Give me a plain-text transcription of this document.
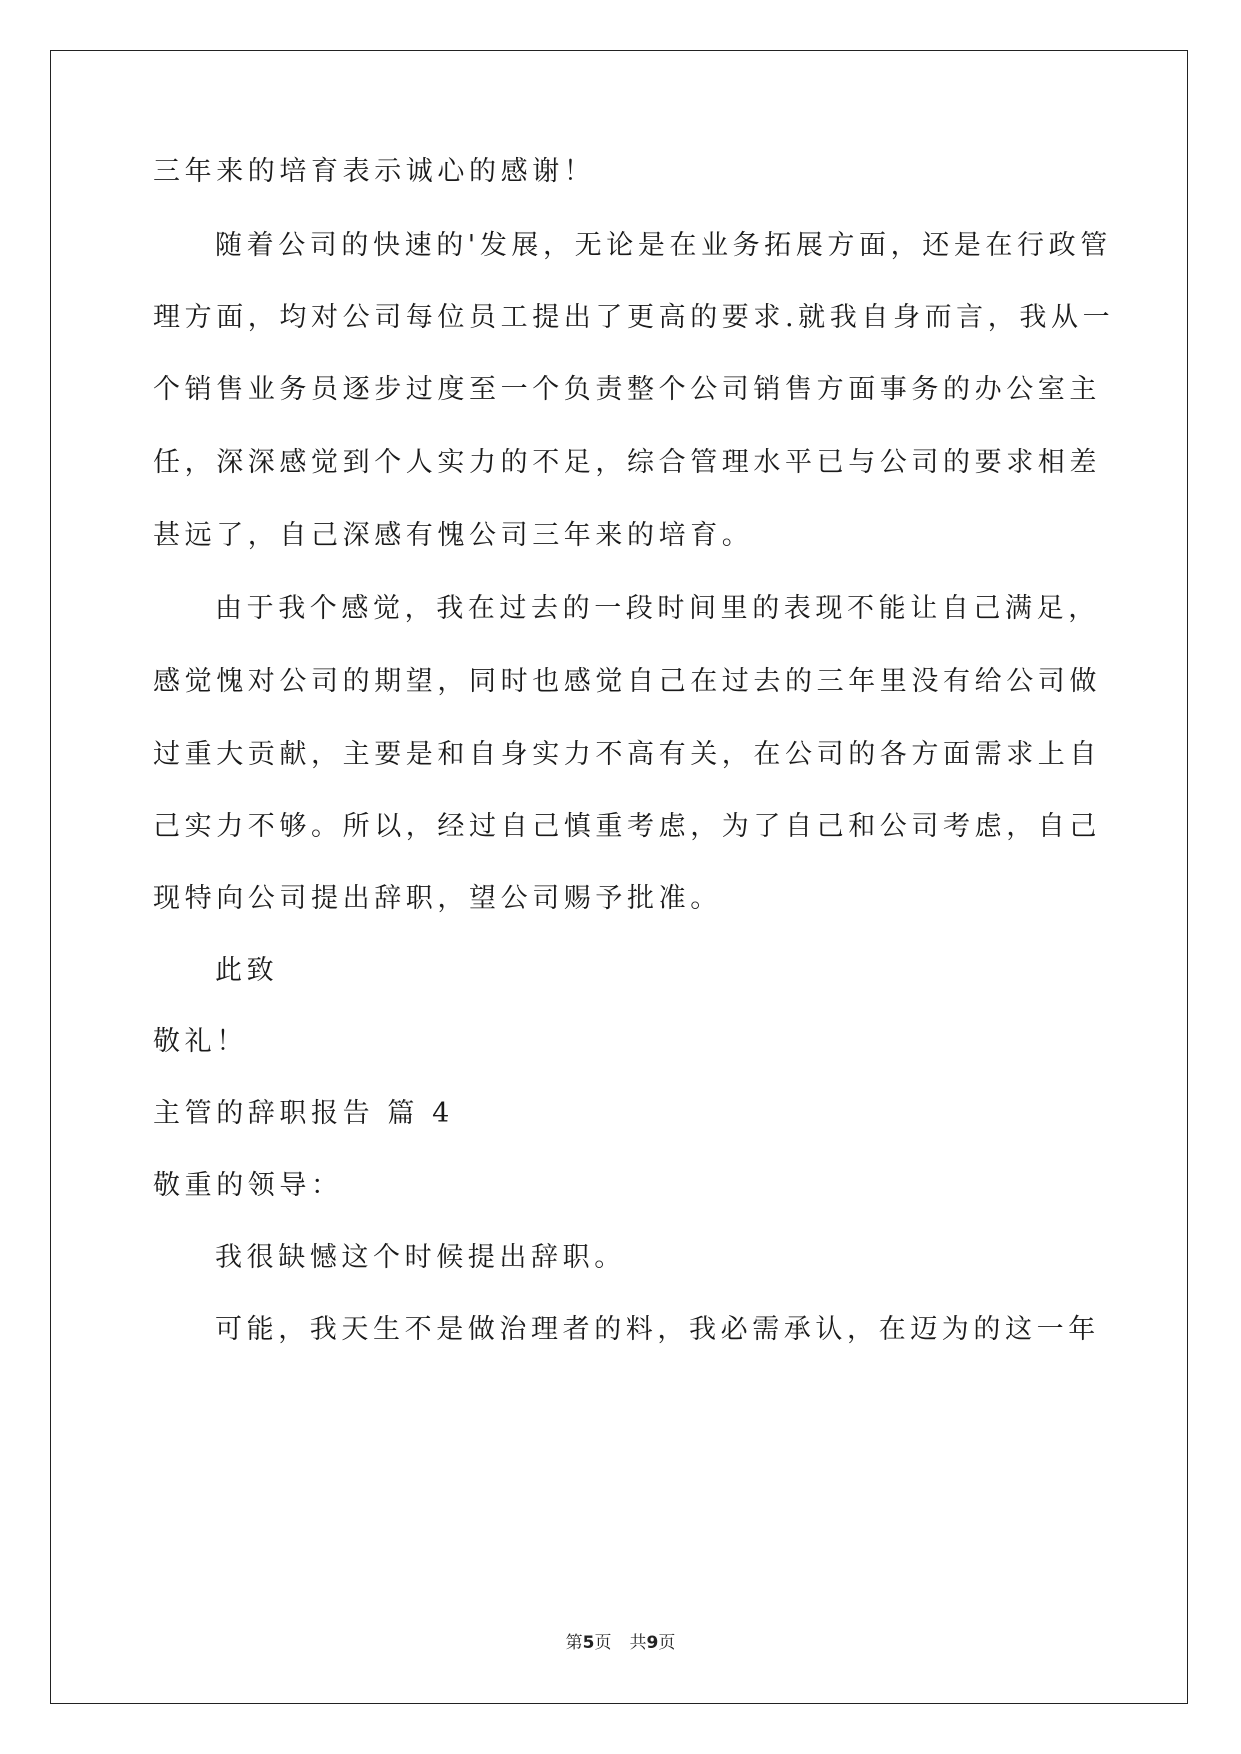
三年来的培育表示诚心的感谢！
随着公司的快速的'发展，无论是在业务拓展方面，还是在行政管
理方面，均对公司每位员工提出了更高的要求.就我自身而言，我从一
个销售业务员逐步过度至一个负责整个公司销售方面事务的办公室主
任，深深感觉到个人实力的不足，综合管理水平已与公司的要求相差
甚远了，自己深感有愧公司三年来的培育。
由于我个感觉，我在过去的一段时间里的表现不能让自己满足，
感觉愧对公司的期望，同时也感觉自己在过去的三年里没有给公司做
过重大贡献，主要是和自身实力不高有关，在公司的各方面需求上自
己实力不够。所以，经过自己慎重考虑，为了自己和公司考虑，自己
现特向公司提出辞职，望公司赐予批准。
此致
敬礼！
主管的辞职报告 篇 4
敬重的领导：
我很缺憾这个时候提出辞职。
可能，我天生不是做治理者的料，我必需承认，在迈为的这一年
第5页 共9页
